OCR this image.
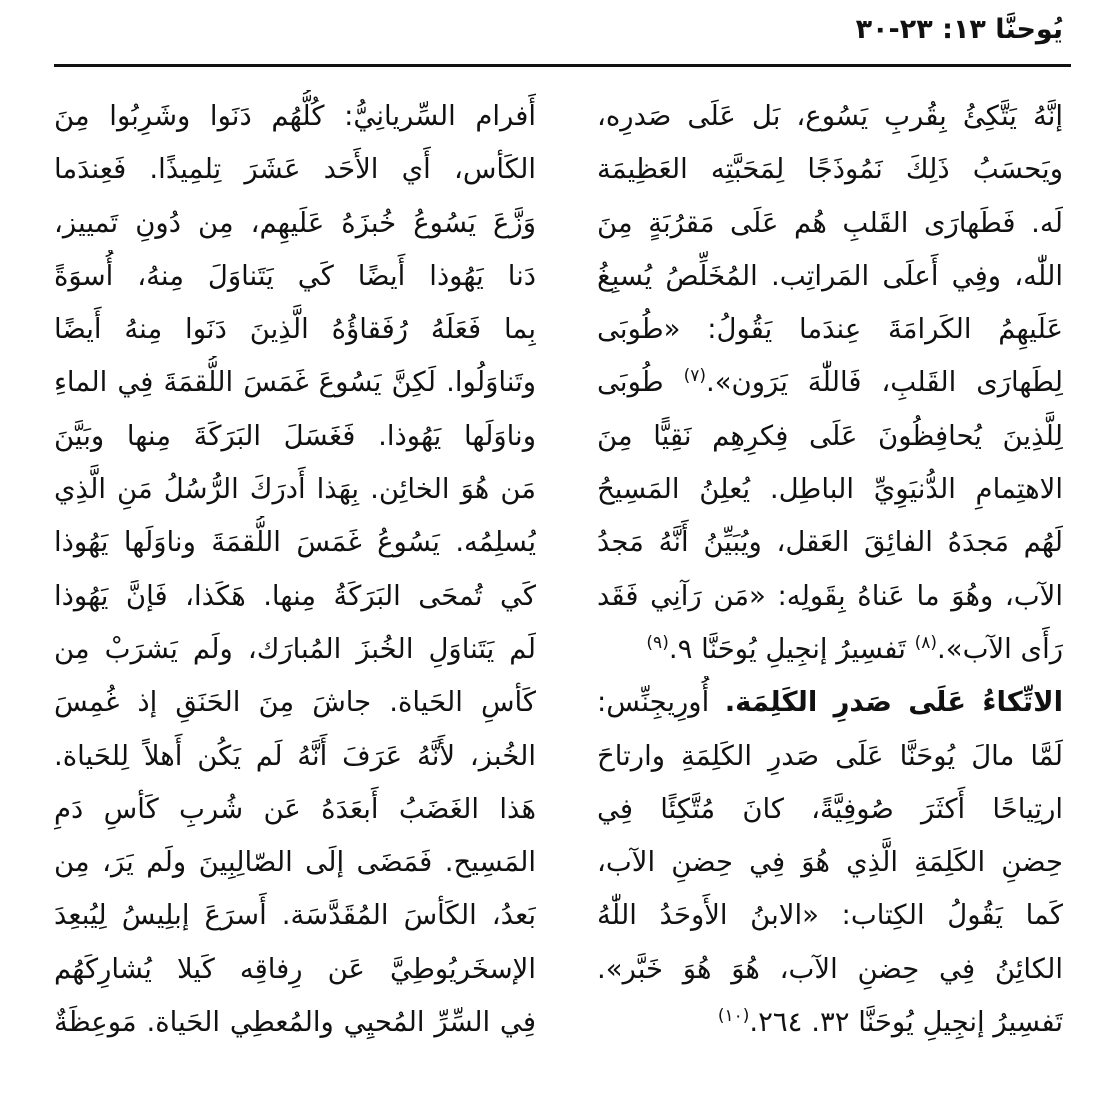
يُوحنَّا ١٣: ٢٣-٣٠
إنَّهُ يَتَّكِئُ بِقُربِ يَسُوع، بَل عَلَى صَدرِه،
ويَحسَبُ ذَلِكَ نَمُوذَجًا لِمَحَبَّتِه العَظِيمَة
لَه. فَطَهارَى القَلبِ هُم عَلَى مَقرُبَةٍ مِنَ
اللّٰه، وفِي أَعلَى المَراتِب. المُخَلِّصُ يُسبِغُ
عَلَيهِمُ الكَرامَةَ عِندَما يَقُولُ: «طُوبَى
لِطَهارَى القَلبِ، فَاللّٰهَ يَرَون».$^{(٧)}$ طُوبَى
لِلَّذِينَ يُحافِظُونَ عَلَى فِكرِهِم نَقِيًّا مِنَ
الاهتِمامِ الدُّنيَوِيِّ الباطِل. يُعلِنُ المَسِيحُ
لَهُم مَجدَهُ الفائِقَ العَقل، ويُبَيِّنُ أَنَّهُ مَجدُ
الآب، وهُوَ ما عَناهُ بِقَولِه: «مَن رَآنِي فَقَد
رَأَى الآب».$^{(٨)}$ تَفسِيرُ إنجِيلِ يُوحَنَّا ٩.$^{(٩)}$
الاتِّكاءُ عَلَى صَدرِ الكَلِمَة. أُورِيجِنِّس:
لَمَّا مالَ يُوحَنَّا عَلَى صَدرِ الكَلِمَةِ وارتاحَ
ارتِياحًا أَكثَرَ صُوفِيَّةً، كانَ مُتَّكِئًا فِي
حِضنِ الكَلِمَةِ الَّذِي هُوَ فِي حِضنِ الآب،
كَما يَقُولُ الكِتاب: «الابنُ الأَوحَدُ اللّٰهُ
الكائِنُ فِي حِضنِ الآب، هُوَ هُوَ خَبَّر».
تَفسِيرُ إنجِيلِ يُوحَنَّا ٣٢. ٢٦٤.$^{(١٠)}$
أَفرام السِّريانِيُّ: كُلُّهُم دَنَوا وشَرِبُوا مِنَ
الكَأس، أَي الأَحَد عَشَرَ تِلمِيذًا. فَعِندَما
وَزَّعَ يَسُوعُ خُبزَهُ عَلَيهِم، مِن دُونِ تَمييز،
دَنا يَهُوذا أَيضًا كَي يَتَناوَلَ مِنهُ، أُسوَةً
بِما فَعَلَهُ رُفَقاؤُهُ الَّذِينَ دَنَوا مِنهُ أَيضًا
وتَناوَلُوا. لَكِنَّ يَسُوعَ غَمَسَ اللُّقمَةَ فِي الماءِ
وناوَلَها يَهُوذا. فَغَسَلَ البَرَكَةَ مِنها وبَيَّنَ
مَن هُوَ الخائِن. بِهَذا أَدرَكَ الرُّسُلُ مَنِ الَّذِي
يُسلِمُه. يَسُوعُ غَمَسَ اللُّقمَةَ وناوَلَها يَهُوذا
كَي تُمحَى البَرَكَةُ مِنها. هَكَذا، فَإنَّ يَهُوذا
لَم يَتَناوَلِ الخُبزَ المُبارَك، ولَم يَشرَبْ مِن
كَأسِ الحَياة. جاشَ مِنَ الحَنَقِ إذ غُمِسَ
الخُبز، لأَنَّهُ عَرَفَ أَنَّهُ لَم يَكُن أَهلاً لِلحَياة.
هَذا الغَضَبُ أَبعَدَهُ عَن شُربِ كَأسِ دَمِ
المَسِيح. فَمَضَى إلَى الصّالِبِينَ ولَم يَرَ، مِن
بَعدُ، الكَأسَ المُقَدَّسَة. أَسرَعَ إبلِيسُ لِيُبعِدَ
الإسخَريُوطِيَّ عَن رِفاقِه كَيلا يُشارِكَهُم
فِي السِّرِّ المُحيِي والمُعطِي الحَياة. مَوعِظَةٌ
